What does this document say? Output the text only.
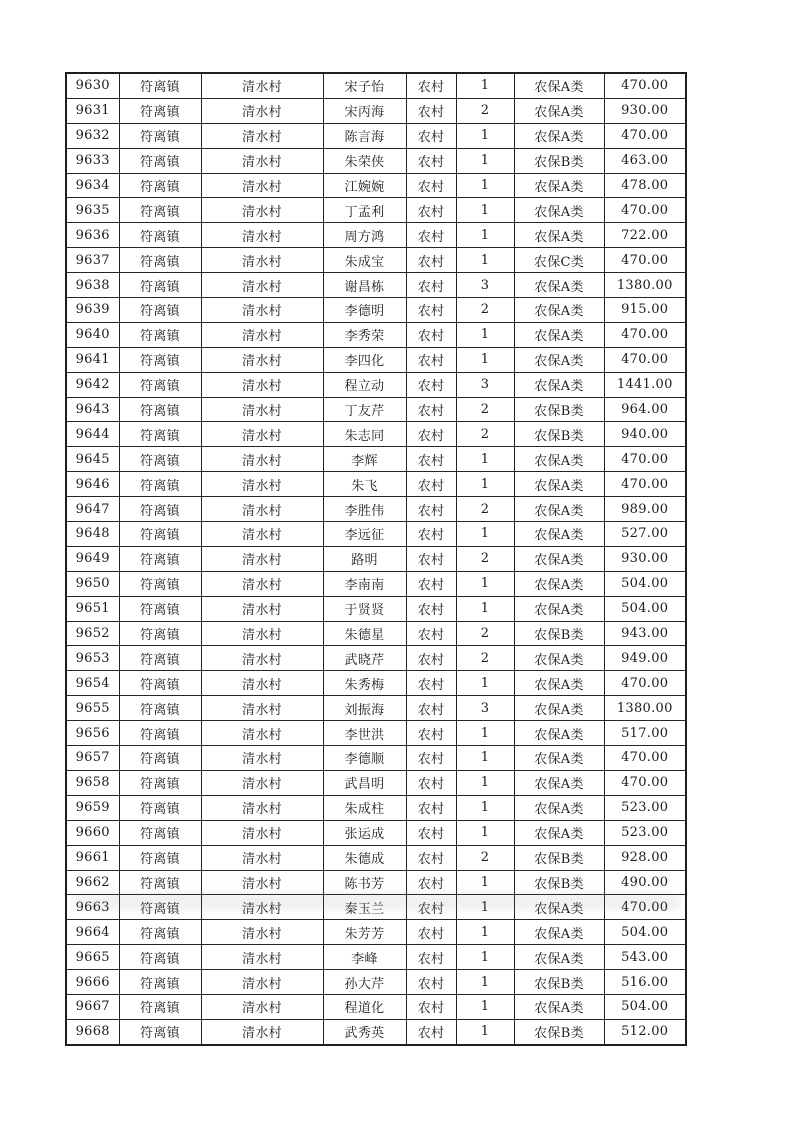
9630	符离镇	清水村	宋子怡	农村	1	农保A类	470.00
9631	符离镇	清水村	宋丙海	农村	2	农保A类	930.00
9632	符离镇	清水村	陈言海	农村	1	农保A类	470.00
9633	符离镇	清水村	朱荣侠	农村	1	农保B类	463.00
9634	符离镇	清水村	江婉婉	农村	1	农保A类	478.00
9635	符离镇	清水村	丁孟利	农村	1	农保A类	470.00
9636	符离镇	清水村	周方鸿	农村	1	农保A类	722.00
9637	符离镇	清水村	朱成宝	农村	1	农保C类	470.00
9638	符离镇	清水村	谢昌栋	农村	3	农保A类	1380.00
9639	符离镇	清水村	李德明	农村	2	农保A类	915.00
9640	符离镇	清水村	李秀荣	农村	1	农保A类	470.00
9641	符离镇	清水村	李四化	农村	1	农保A类	470.00
9642	符离镇	清水村	程立动	农村	3	农保A类	1441.00
9643	符离镇	清水村	丁友芹	农村	2	农保B类	964.00
9644	符离镇	清水村	朱志同	农村	2	农保B类	940.00
9645	符离镇	清水村	李辉	农村	1	农保A类	470.00
9646	符离镇	清水村	朱飞	农村	1	农保A类	470.00
9647	符离镇	清水村	李胜伟	农村	2	农保A类	989.00
9648	符离镇	清水村	李远征	农村	1	农保A类	527.00
9649	符离镇	清水村	路明	农村	2	农保A类	930.00
9650	符离镇	清水村	李南南	农村	1	农保A类	504.00
9651	符离镇	清水村	于贤贤	农村	1	农保A类	504.00
9652	符离镇	清水村	朱德星	农村	2	农保B类	943.00
9653	符离镇	清水村	武晓芹	农村	2	农保A类	949.00
9654	符离镇	清水村	朱秀梅	农村	1	农保A类	470.00
9655	符离镇	清水村	刘振海	农村	3	农保A类	1380.00
9656	符离镇	清水村	李世洪	农村	1	农保A类	517.00
9657	符离镇	清水村	李德顺	农村	1	农保A类	470.00
9658	符离镇	清水村	武昌明	农村	1	农保A类	470.00
9659	符离镇	清水村	朱成柱	农村	1	农保A类	523.00
9660	符离镇	清水村	张运成	农村	1	农保A类	523.00
9661	符离镇	清水村	朱德成	农村	2	农保B类	928.00
9662	符离镇	清水村	陈书芳	农村	1	农保B类	490.00
9663	符离镇	清水村	秦玉兰	农村	1	农保A类	470.00
9664	符离镇	清水村	朱芳芳	农村	1	农保A类	504.00
9665	符离镇	清水村	李峰	农村	1	农保A类	543.00
9666	符离镇	清水村	孙大芹	农村	1	农保B类	516.00
9667	符离镇	清水村	程道化	农村	1	农保A类	504.00
9668	符离镇	清水村	武秀英	农村	1	农保B类	512.00
